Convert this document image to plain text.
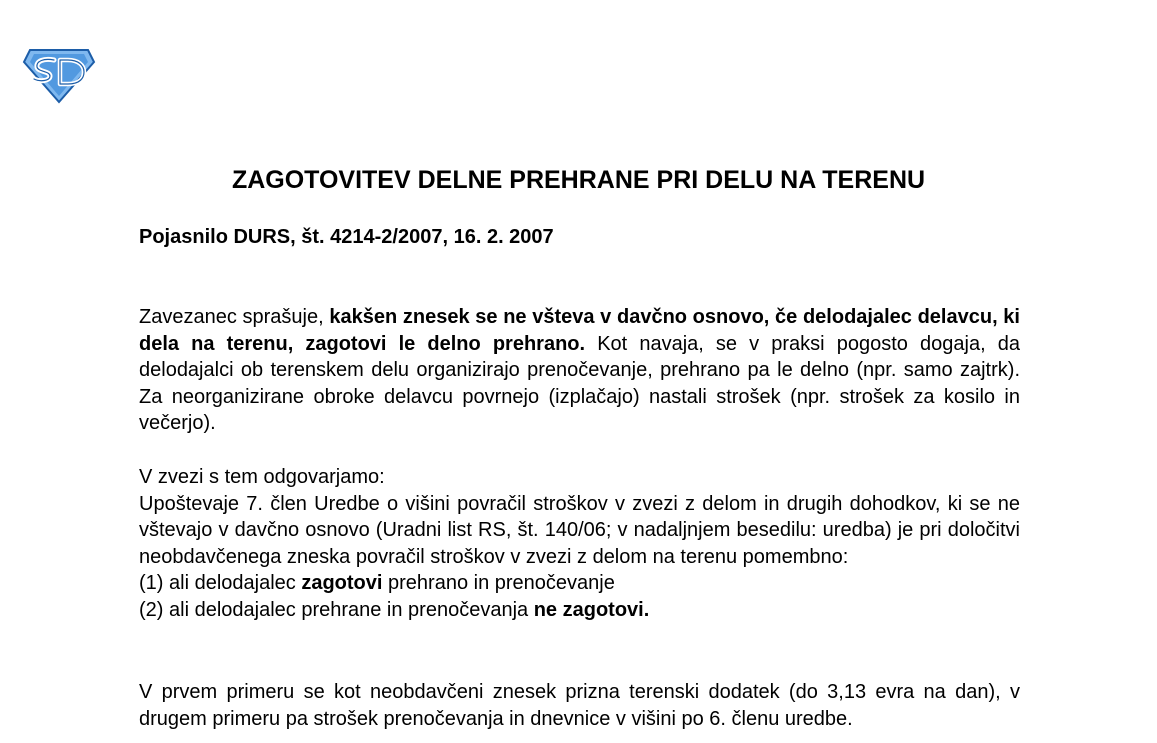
ZAGOTOVITEV DELNE PREHRANE PRI DELU NA TERENU

Pojasnilo DURS, št. 4214-2/2007, 16. 2. 2007

Zavezanec sprašuje, kakšen znesek se ne všteva v davčno osnovo, če delodajalec delavcu, ki dela na terenu, zagotovi le delno prehrano. Kot navaja, se v praksi pogosto dogaja, da delodajalci ob terenskem delu organizirajo prenočevanje, prehrano pa le delno (npr. samo zajtrk). Za neorganizirane obroke delavcu povrnejo (izplačajo) nastali strošek (npr. strošek za kosilo in večerjo).

V zvezi s tem odgovarjamo:
Upoštevaje 7. člen Uredbe o višini povračil stroškov v zvezi z delom in drugih dohodkov, ki se ne vštevajo v davčno osnovo (Uradni list RS, št. 140/06; v nadaljnjem besedilu: uredba) je pri določitvi neobdavčenega zneska povračil stroškov v zvezi z delom na terenu pomembno:
(1) ali delodajalec zagotovi prehrano in prenočevanje
(2) ali delodajalec prehrane in prenočevanja ne zagotovi.

V prvem primeru se kot neobdavčeni znesek prizna terenski dodatek (do 3,13 evra na dan), v drugem primeru pa strošek prenočevanja in dnevnice v višini po 6. členu uredbe.
